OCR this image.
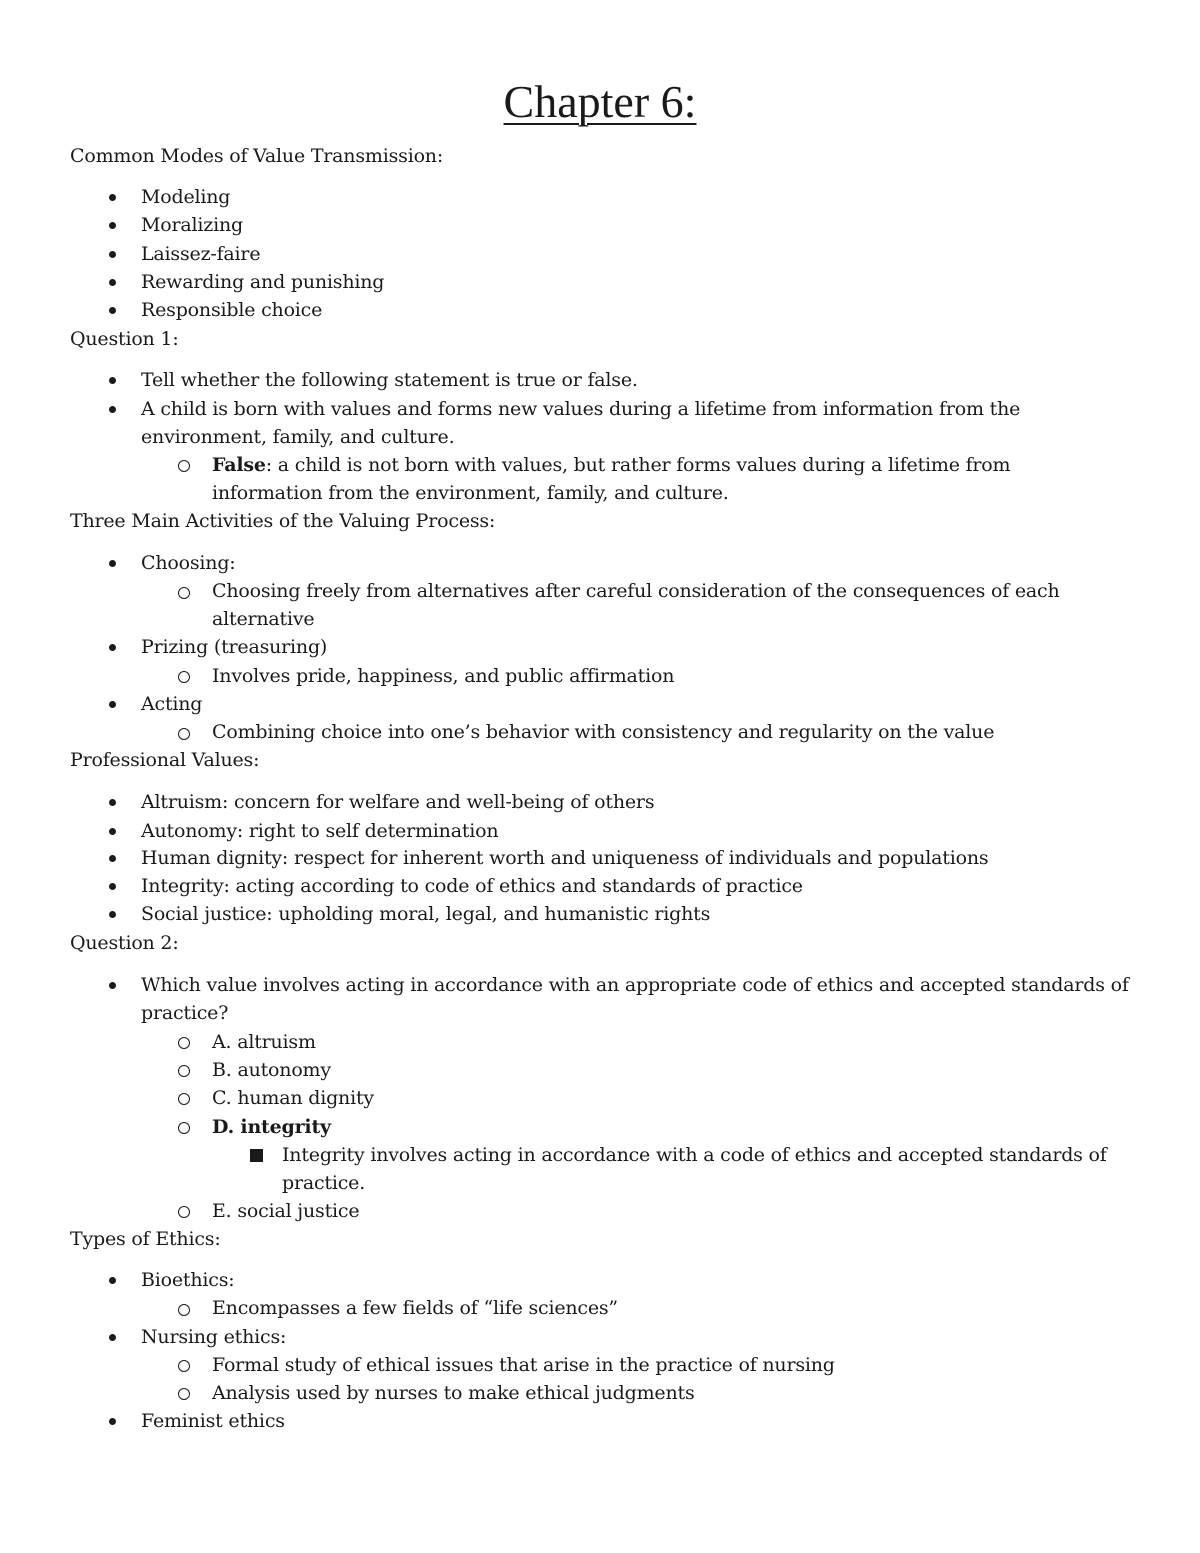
Chapter 6:
Common Modes of Value Transmission:
Modeling
Moralizing
Laissez-faire
Rewarding and punishing
Responsible choice
Question 1:
Tell whether the following statement is true or false.
A child is born with values and forms new values during a lifetime from information from the
environment, family, and culture.
False: a child is not born with values, but rather forms values during a lifetime from
information from the environment, family, and culture.
Three Main Activities of the Valuing Process:
Choosing:
Choosing freely from alternatives after careful consideration of the consequences of each
alternative
Prizing (treasuring)
Involves pride, happiness, and public affirmation
Acting
Combining choice into one’s behavior with consistency and regularity on the value
Professional Values:
Altruism: concern for welfare and well-being of others
Autonomy: right to self determination
Human dignity: respect for inherent worth and uniqueness of individuals and populations
Integrity: acting according to code of ethics and standards of practice
Social justice: upholding moral, legal, and humanistic rights
Question 2:
Which value involves acting in accordance with an appropriate code of ethics and accepted standards of
practice?
A. altruism
B. autonomy
C. human dignity
D. integrity
Integrity involves acting in accordance with a code of ethics and accepted standards of
practice.
E. social justice
Types of Ethics:
Bioethics:
Encompasses a few fields of “life sciences”
Nursing ethics:
Formal study of ethical issues that arise in the practice of nursing
Analysis used by nurses to make ethical judgments
Feminist ethics
